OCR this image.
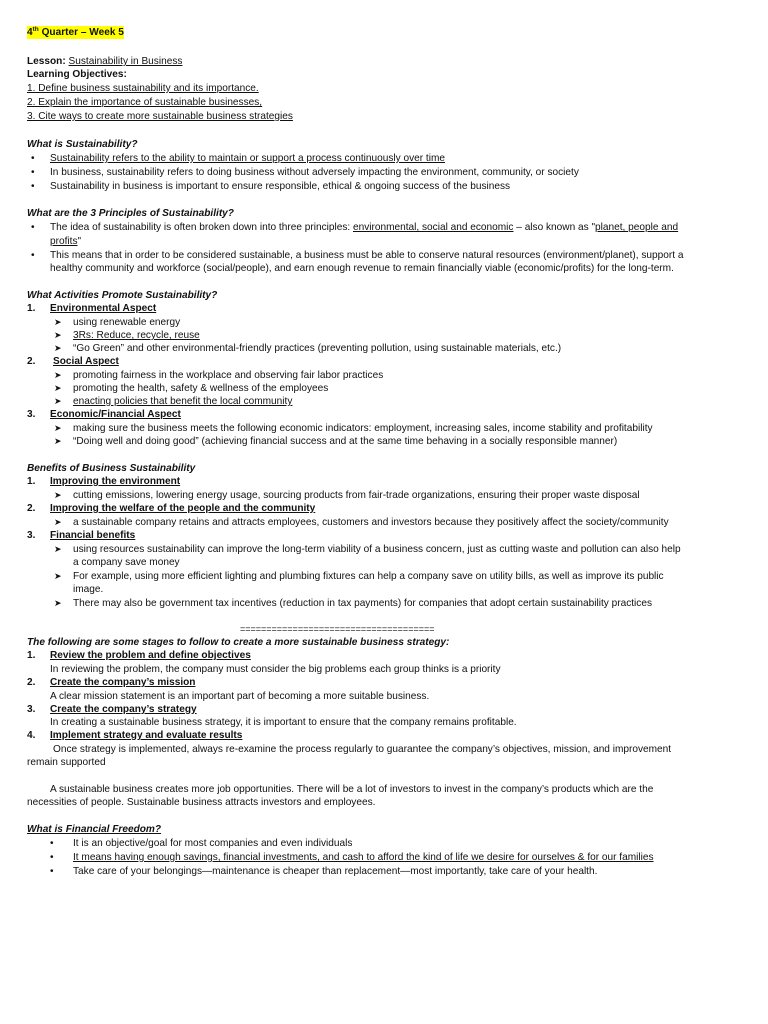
4th Quarter – Week 5
Lesson: Sustainability in Business
Learning Objectives:
1. Define business sustainability and its importance.
2. Explain the importance of sustainable businesses,
3. Cite ways to create more sustainable business strategies
What is Sustainability?
• Sustainability refers to the ability to maintain or support a process continuously over time
• In business, sustainability refers to doing business without adversely impacting the environment, community, or society
• Sustainability in business is important to ensure responsible, ethical & ongoing success of the business
What are the 3 Principles of Sustainability?
• The idea of sustainability is often broken down into three principles: environmental, social and economic – also known as "planet, people and
profits"
• This means that in order to be considered sustainable, a business must be able to conserve natural resources (environment/planet), support a
healthy community and workforce (social/people), and earn enough revenue to remain financially viable (economic/profits) for the long-term.
What Activities Promote Sustainability?
1. Environmental Aspect
➤ using renewable energy
➤ 3Rs: Reduce, recycle, reuse
➤ “Go Green” and other environmental-friendly practices (preventing pollution, using sustainable materials, etc.)
2. Social Aspect
➤ promoting fairness in the workplace and observing fair labor practices
➤ promoting the health, safety & wellness of the employees
➤ enacting policies that benefit the local community
3. Economic/Financial Aspect
➤ making sure the business meets the following economic indicators: employment, increasing sales, income stability and profitability
➤ “Doing well and doing good” (achieving financial success and at the same time behaving in a socially responsible manner)
Benefits of Business Sustainability
1. Improving the environment
➤ cutting emissions, lowering energy usage, sourcing products from fair-trade organizations, ensuring their proper waste disposal
2. Improving the welfare of the people and the community
➤ a sustainable company retains and attracts employees, customers and investors because they positively affect the society/community
3. Financial benefits
➤ using resources sustainability can improve the long-term viability of a business concern, just as cutting waste and pollution can also help
a company save money
➤ For example, using more efficient lighting and plumbing fixtures can help a company save on utility bills, as well as improve its public
image.
➤ There may also be government tax incentives (reduction in tax payments) for companies that adopt certain sustainability practices
=====================================
The following are some stages to follow to create a more sustainable business strategy:
1. Review the problem and define objectives
In reviewing the problem, the company must consider the big problems each group thinks is a priority
2. Create the company’s mission
A clear mission statement is an important part of becoming a more suitable business.
3. Create the company’s strategy
In creating a sustainable business strategy, it is important to ensure that the company remains profitable.
4. Implement strategy and evaluate results
Once strategy is implemented, always re-examine the process regularly to guarantee the company’s objectives, mission, and improvement
remain supported
A sustainable business creates more job opportunities. There will be a lot of investors to invest in the company’s products which are the
necessities of people. Sustainable business attracts investors and employees.
What is Financial Freedom?
• It is an objective/goal for most companies and even individuals
• It means having enough savings, financial investments, and cash to afford the kind of life we desire for ourselves & for our families
• Take care of your belongings—maintenance is cheaper than replacement—most importantly, take care of your health.
